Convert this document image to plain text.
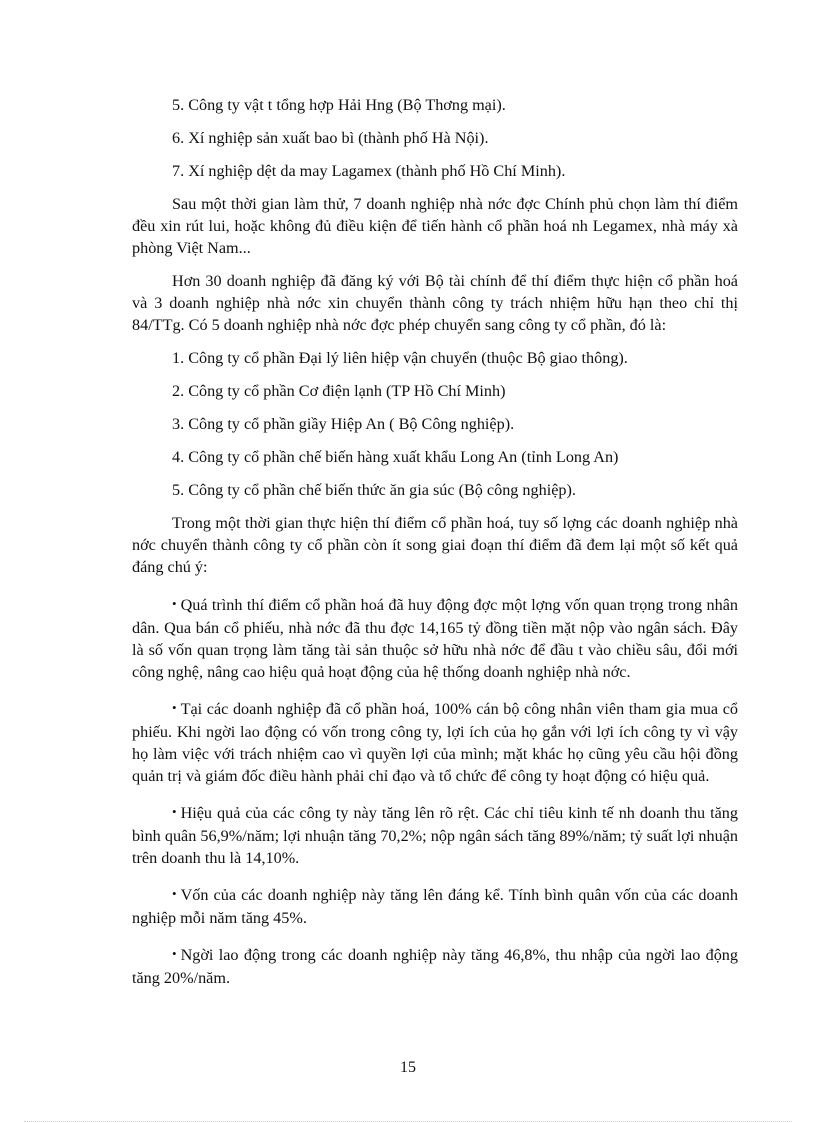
5. Công ty vật t tổng hợp Hải Hng (Bộ Thơng mại).

6. Xí nghiệp sản xuất bao bì (thành phố Hà Nội).

7. Xí nghiệp dệt da may Lagamex (thành phố Hồ Chí Minh).

Sau một thời gian làm thử, 7 doanh nghiệp nhà nớc đợc Chính phủ chọn làm thí điểm đều xin rút lui, hoặc không đủ điều kiện để tiến hành cổ phần hoá nh Legamex, nhà máy xà phòng Việt Nam...

Hơn 30 doanh nghiệp đã đăng ký với Bộ tài chính để thí điểm thực hiện cổ phần hoá và 3 doanh nghiệp nhà nớc xin chuyển thành công ty trách nhiệm hữu hạn theo chỉ thị 84/TTg. Có 5 doanh nghiệp nhà nớc đợc phép chuyển sang công ty cổ phần, đó là:

1. Công ty cổ phần Đại lý liên hiệp vận chuyển (thuộc Bộ giao thông).

2. Công ty cổ phần Cơ điện lạnh (TP Hồ Chí Minh)

3. Công ty cổ phần giầy Hiệp An ( Bộ Công nghiệp).

4. Công ty cổ phần chế biến hàng xuất khẩu Long An (tỉnh Long An)

5. Công ty cổ phần chế biến thức ăn gia súc (Bộ công nghiệp).

Trong một thời gian thực hiện thí điểm cổ phần hoá, tuy số lợng các doanh nghiệp nhà nớc chuyển thành công ty cổ phần còn ít song giai đoạn thí điểm đã đem lại một số kết quả đáng chú ý:

• Quá trình thí điểm cổ phần hoá đã huy động đợc một lợng vốn quan trọng trong nhân dân. Qua bán cổ phiếu, nhà nớc đã thu đợc 14,165 tỷ đồng tiền mặt nộp vào ngân sách. Đây là số vốn quan trọng làm tăng tài sản thuộc sở hữu nhà nớc để đầu t vào chiều sâu, đổi mới công nghệ, nâng cao hiệu quả hoạt động của hệ thống doanh nghiệp nhà nớc.

• Tại các doanh nghiệp đã cổ phần hoá, 100% cán bộ công nhân viên tham gia mua cổ phiếu. Khi ngời lao động có vốn trong công ty, lợi ích của họ gắn với lợi ích công ty vì vậy họ làm việc với trách nhiệm cao vì quyền lợi của mình; mặt khác họ cũng yêu cầu hội đồng quản trị và giám đốc điều hành phải chỉ đạo và tổ chức để công ty hoạt động có hiệu quả.

• Hiệu quả của các công ty này tăng lên rõ rệt. Các chỉ tiêu kinh tế nh doanh thu tăng bình quân 56,9%/năm; lợi nhuận tăng 70,2%; nộp ngân sách tăng 89%/năm; tỷ suất lợi nhuận trên doanh thu là 14,10%.

• Vốn của các doanh nghiệp này tăng lên đáng kể. Tính bình quân vốn của các doanh nghiệp mỗi năm tăng 45%.

• Ngời lao động trong các doanh nghiệp này tăng 46,8%, thu nhập của ngời lao động tăng 20%/năm.

15
